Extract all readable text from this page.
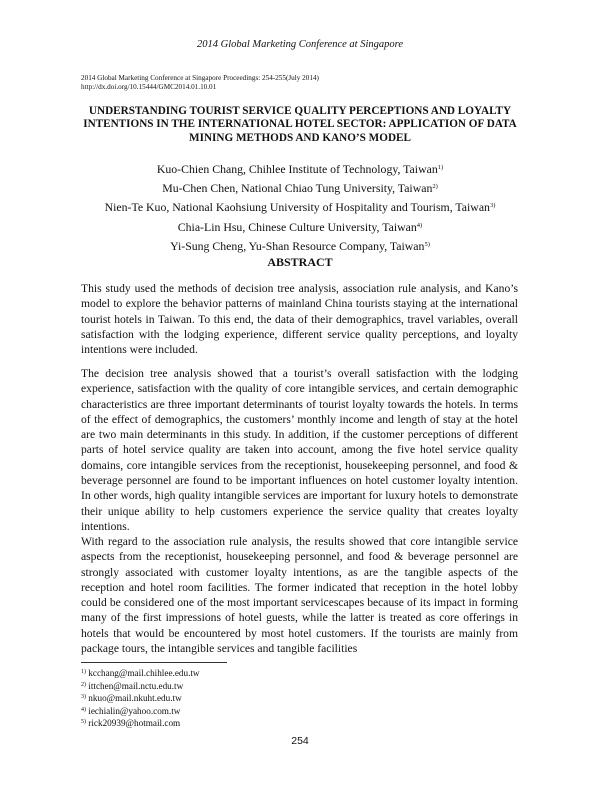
2014 Global Marketing Conference at Singapore
2014 Global Marketing Conference at Singapore Proceedings: 254-255(July 2014)
http://dx.doi.org/10.15444/GMC2014.01.10.01
UNDERSTANDING TOURIST SERVICE QUALITY PERCEPTIONS AND LOYALTY INTENTIONS IN THE INTERNATIONAL HOTEL SECTOR: APPLICATION OF DATA MINING METHODS AND KANO’S MODEL
Kuo-Chien Chang, Chihlee Institute of Technology, Taiwan$^{1)}$
Mu-Chen Chen, National Chiao Tung University, Taiwan$^{2)}$
Nien-Te Kuo, National Kaohsiung University of Hospitality and Tourism, Taiwan$^{3)}$
Chia-Lin Hsu, Chinese Culture University, Taiwan$^{4)}$
Yi-Sung Cheng, Yu-Shan Resource Company, Taiwan$^{5)}$
ABSTRACT

This study used the methods of decision tree analysis, association rule analysis, and Kano’s model to explore the behavior patterns of mainland China tourists staying at the international tourist hotels in Taiwan. To this end, the data of their demographics, travel variables, overall satisfaction with the lodging experience, different service quality perceptions, and loyalty intentions were included.

The decision tree analysis showed that a tourist’s overall satisfaction with the lodging experience, satisfaction with the quality of core intangible services, and certain demographic characteristics are three important determinants of tourist loyalty towards the hotels. In terms of the effect of demographics, the customers’ monthly income and length of stay at the hotel are two main determinants in this study. In addition, if the customer perceptions of different parts of hotel service quality are taken into account, among the five hotel service quality domains, core intangible services from the receptionist, housekeeping personnel, and food & beverage personnel are found to be important influences on hotel customer loyalty intention. In other words, high quality intangible services are important for luxury hotels to demonstrate their unique ability to help customers experience the service quality that creates loyalty intentions.

With regard to the association rule analysis, the results showed that core intangible service aspects from the receptionist, housekeeping personnel, and food & beverage personnel are strongly associated with customer loyalty intentions, as are the tangible aspects of the reception and hotel room facilities. The former indicated that reception in the hotel lobby could be considered one of the most important servicescapes because of its impact in forming many of the first impressions of hotel guests, while the latter is treated as core offerings in hotels that would be encountered by most hotel customers. If the tourists are mainly from package tours, the intangible services and tangible facilities

$^{1)}$ kcchang@mail.chihlee.edu.tw
$^{2)}$ ittchen@mail.nctu.edu.tw
$^{3)}$ nkuo@mail.nkuht.edu.tw
$^{4)}$ iechialin@yahoo.com.tw
$^{5)}$ rick20939@hotmail.com
254
